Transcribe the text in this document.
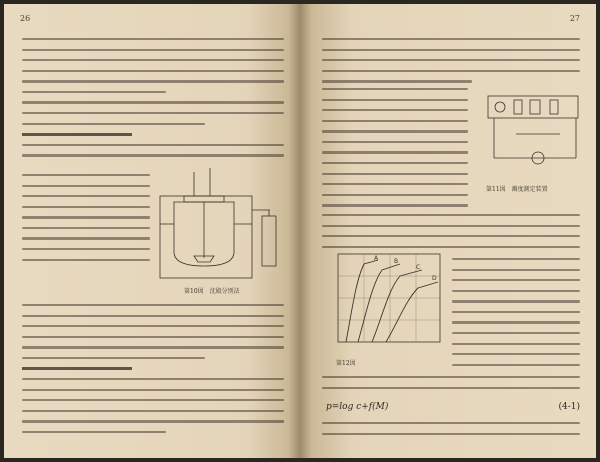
26
第10図　沈殿分別法
27
第11図　濁度測定装置
A	B
C
D
第12図
p=log c+f(M)	(4-1)
